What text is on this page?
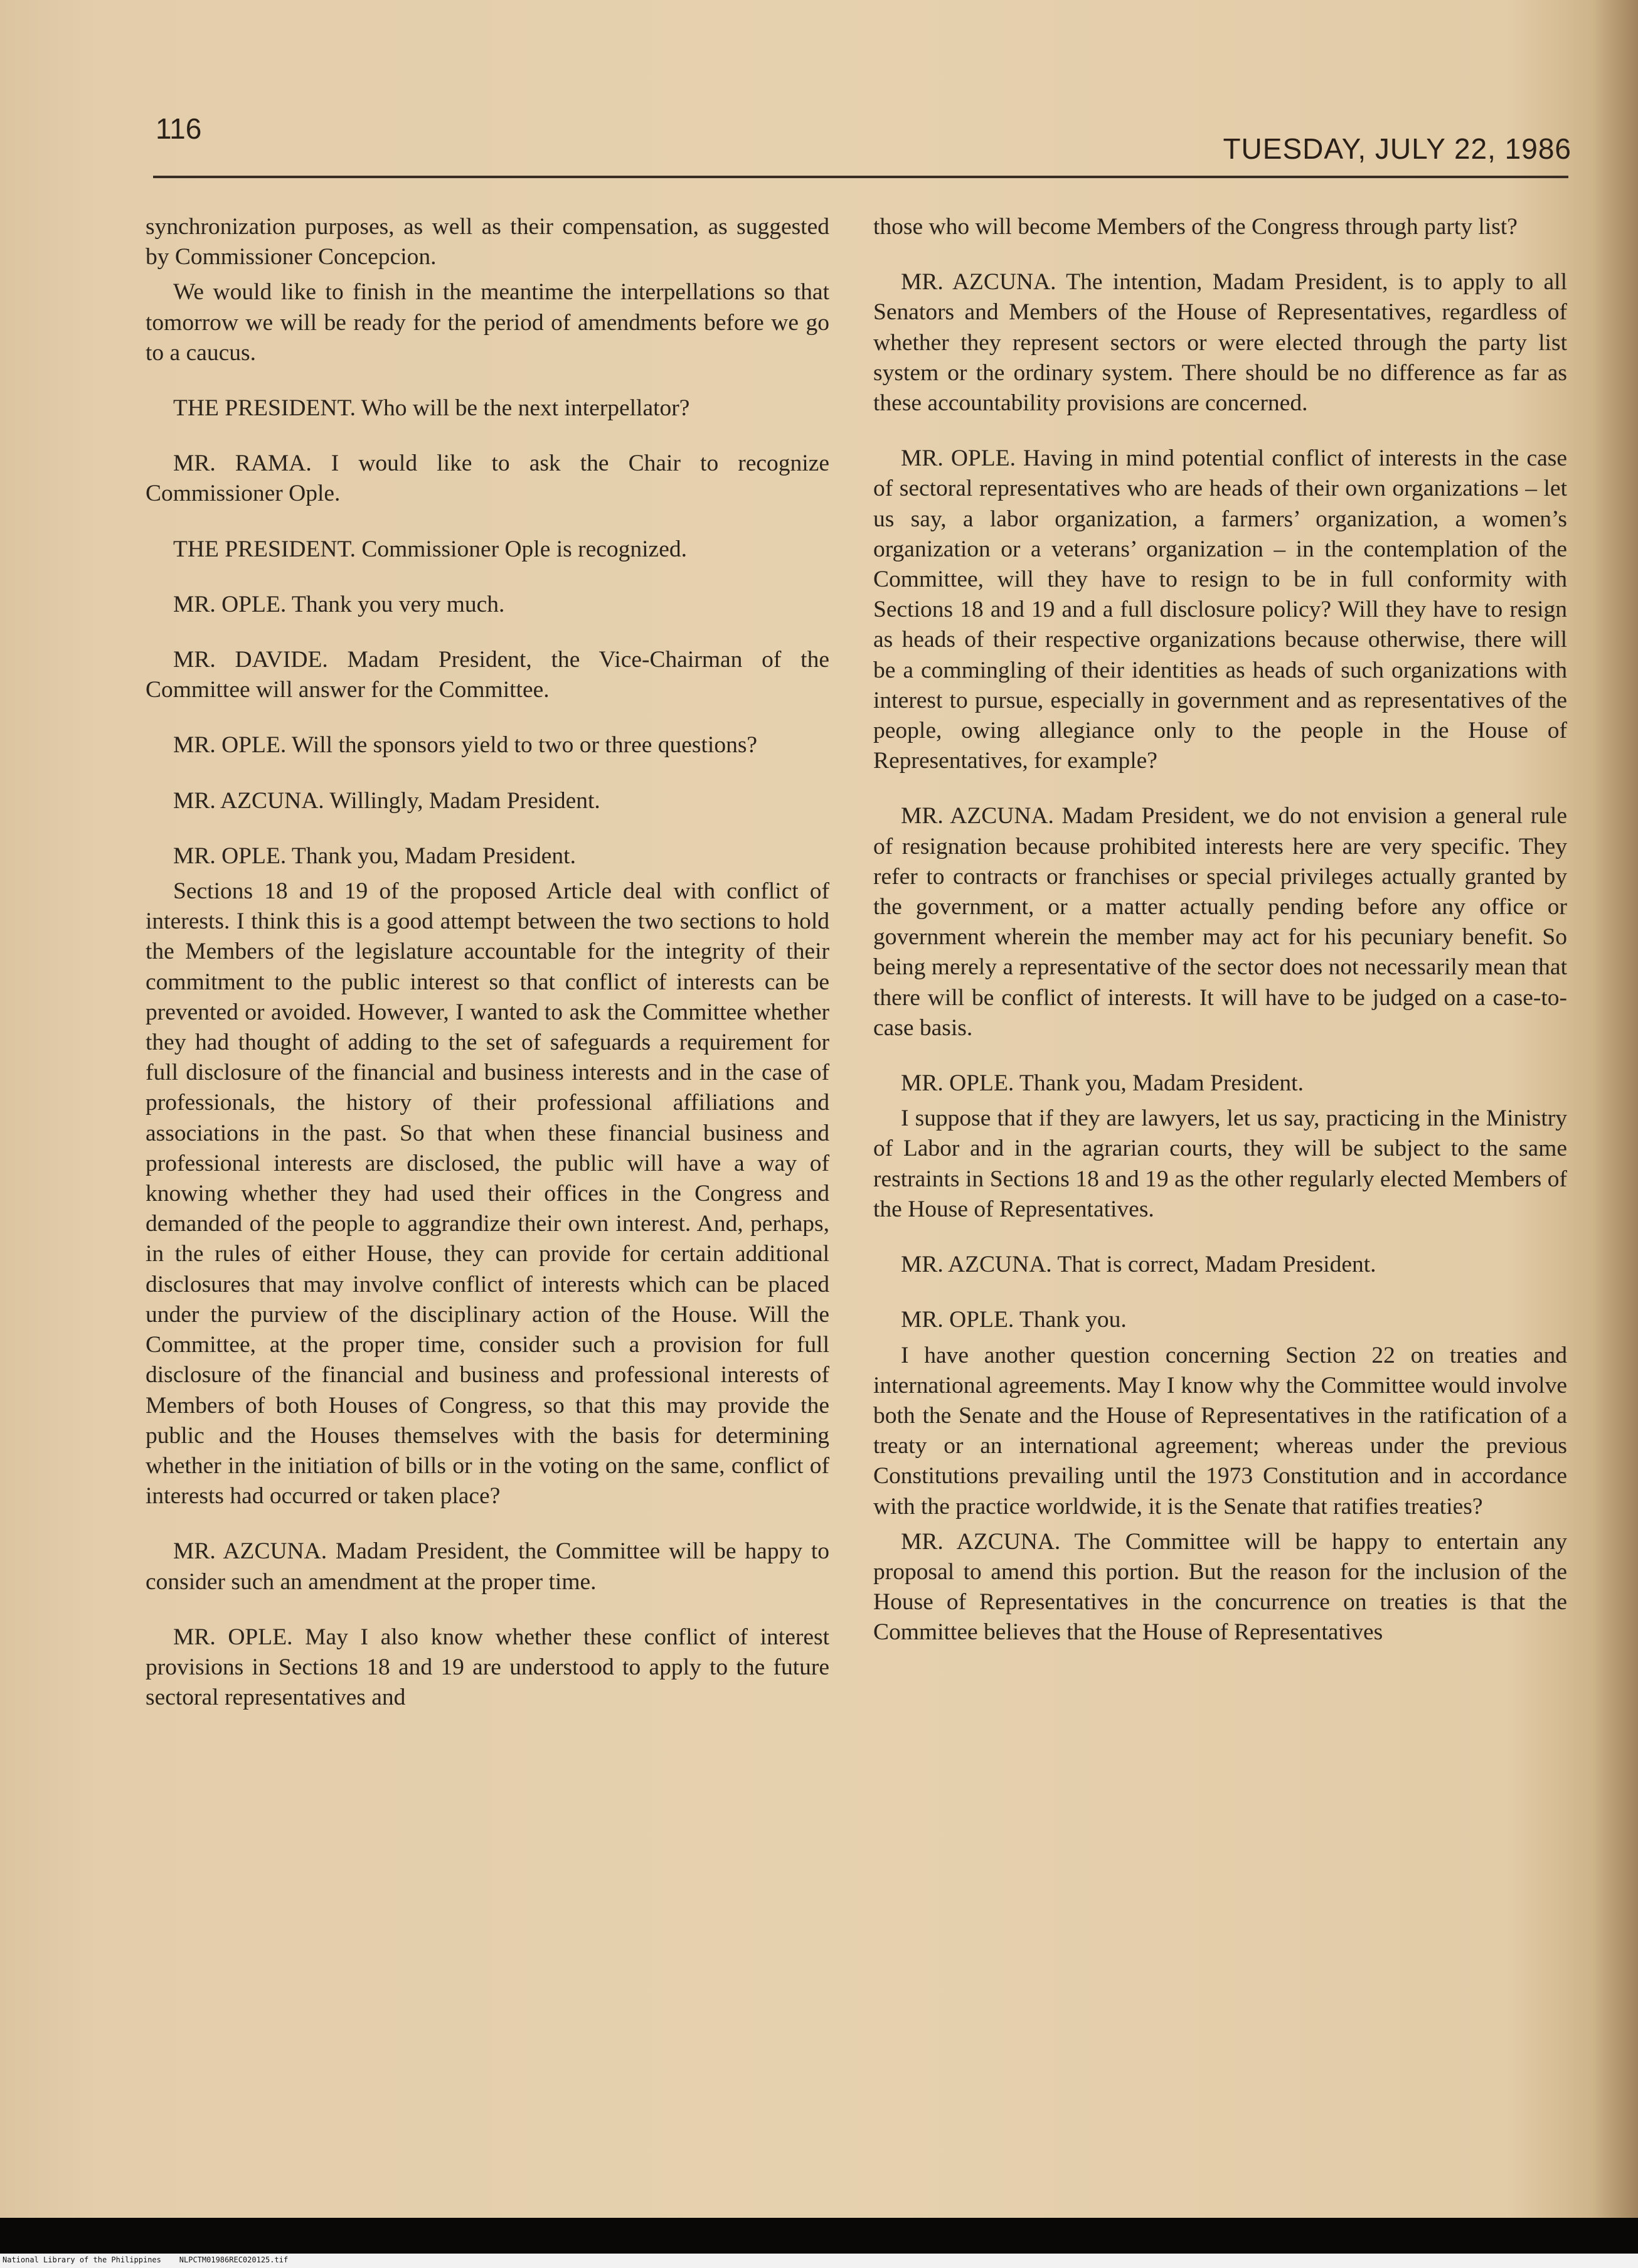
116
TUESDAY, JULY 22, 1986

synchronization purposes, as well as their compensation, as suggested by Commissioner Concepcion.

We would like to finish in the meantime the interpellations so that tomorrow we will be ready for the period of amendments before we go to a caucus.

THE PRESIDENT. Who will be the next interpellator?

MR. RAMA. I would like to ask the Chair to recognize Commissioner Ople.

THE PRESIDENT. Commissioner Ople is recognized.

MR. OPLE. Thank you very much.

MR. DAVIDE. Madam President, the Vice-Chairman of the Committee will answer for the Committee.

MR. OPLE. Will the sponsors yield to two or three questions?

MR. AZCUNA. Willingly, Madam President.

MR. OPLE. Thank you, Madam President.

Sections 18 and 19 of the proposed Article deal with conflict of interests. I think this is a good attempt between the two sections to hold the Members of the legislature accountable for the integrity of their commitment to the public interest so that conflict of interests can be prevented or avoided. However, I wanted to ask the Committee whether they had thought of adding to the set of safeguards a requirement for full disclosure of the financial and business interests and in the case of professionals, the history of their professional affiliations and associations in the past. So that when these financial business and professional interests are disclosed, the public will have a way of knowing whether they had used their offices in the Congress and demanded of the people to aggrandize their own interest. And, perhaps, in the rules of either House, they can provide for certain additional disclosures that may involve conflict of interests which can be placed under the purview of the disciplinary action of the House. Will the Committee, at the proper time, consider such a provision for full disclosure of the financial and business and professional interests of Members of both Houses of Congress, so that this may provide the public and the Houses themselves with the basis for determining whether in the initiation of bills or in the voting on the same, conflict of interests had occurred or taken place?

MR. AZCUNA. Madam President, the Committee will be happy to consider such an amendment at the proper time.

MR. OPLE. May I also know whether these conflict of interest provisions in Sections 18 and 19 are understood to apply to the future sectoral representatives and

those who will become Members of the Congress through party list?

MR. AZCUNA. The intention, Madam President, is to apply to all Senators and Members of the House of Representatives, regardless of whether they represent sectors or were elected through the party list system or the ordinary system. There should be no difference as far as these accountability provisions are concerned.

MR. OPLE. Having in mind potential conflict of interests in the case of sectoral representatives who are heads of their own organizations – let us say, a labor organization, a farmers’ organization, a women’s organization or a veterans’ organization – in the contemplation of the Committee, will they have to resign to be in full conformity with Sections 18 and 19 and a full disclosure policy? Will they have to resign as heads of their respective organizations because otherwise, there will be a commingling of their identities as heads of such organizations with interest to pursue, especially in government and as representatives of the people, owing allegiance only to the people in the House of Representatives, for example?

MR. AZCUNA. Madam President, we do not envision a general rule of resignation because prohibited interests here are very specific. They refer to contracts or franchises or special privileges actually granted by the government, or a matter actually pending before any office or government wherein the member may act for his pecuniary benefit. So being merely a representative of the sector does not necessarily mean that there will be conflict of interests. It will have to be judged on a case-to-case basis.

MR. OPLE. Thank you, Madam President.

I suppose that if they are lawyers, let us say, practicing in the Ministry of Labor and in the agrarian courts, they will be subject to the same restraints in Sections 18 and 19 as the other regularly elected Members of the House of Representatives.

MR. AZCUNA. That is correct, Madam President.

MR. OPLE. Thank you.

I have another question concerning Section 22 on treaties and international agreements. May I know why the Committee would involve both the Senate and the House of Representatives in the ratification of a treaty or an international agreement; whereas under the previous Constitutions prevailing until the 1973 Constitution and in accordance with the practice worldwide, it is the Senate that ratifies treaties?

MR. AZCUNA. The Committee will be happy to entertain any proposal to amend this portion. But the reason for the inclusion of the House of Representatives in the concurrence on treaties is that the Committee believes that the House of Representatives

National Library of the Philippines NLPCTM01986REC020125.tif
